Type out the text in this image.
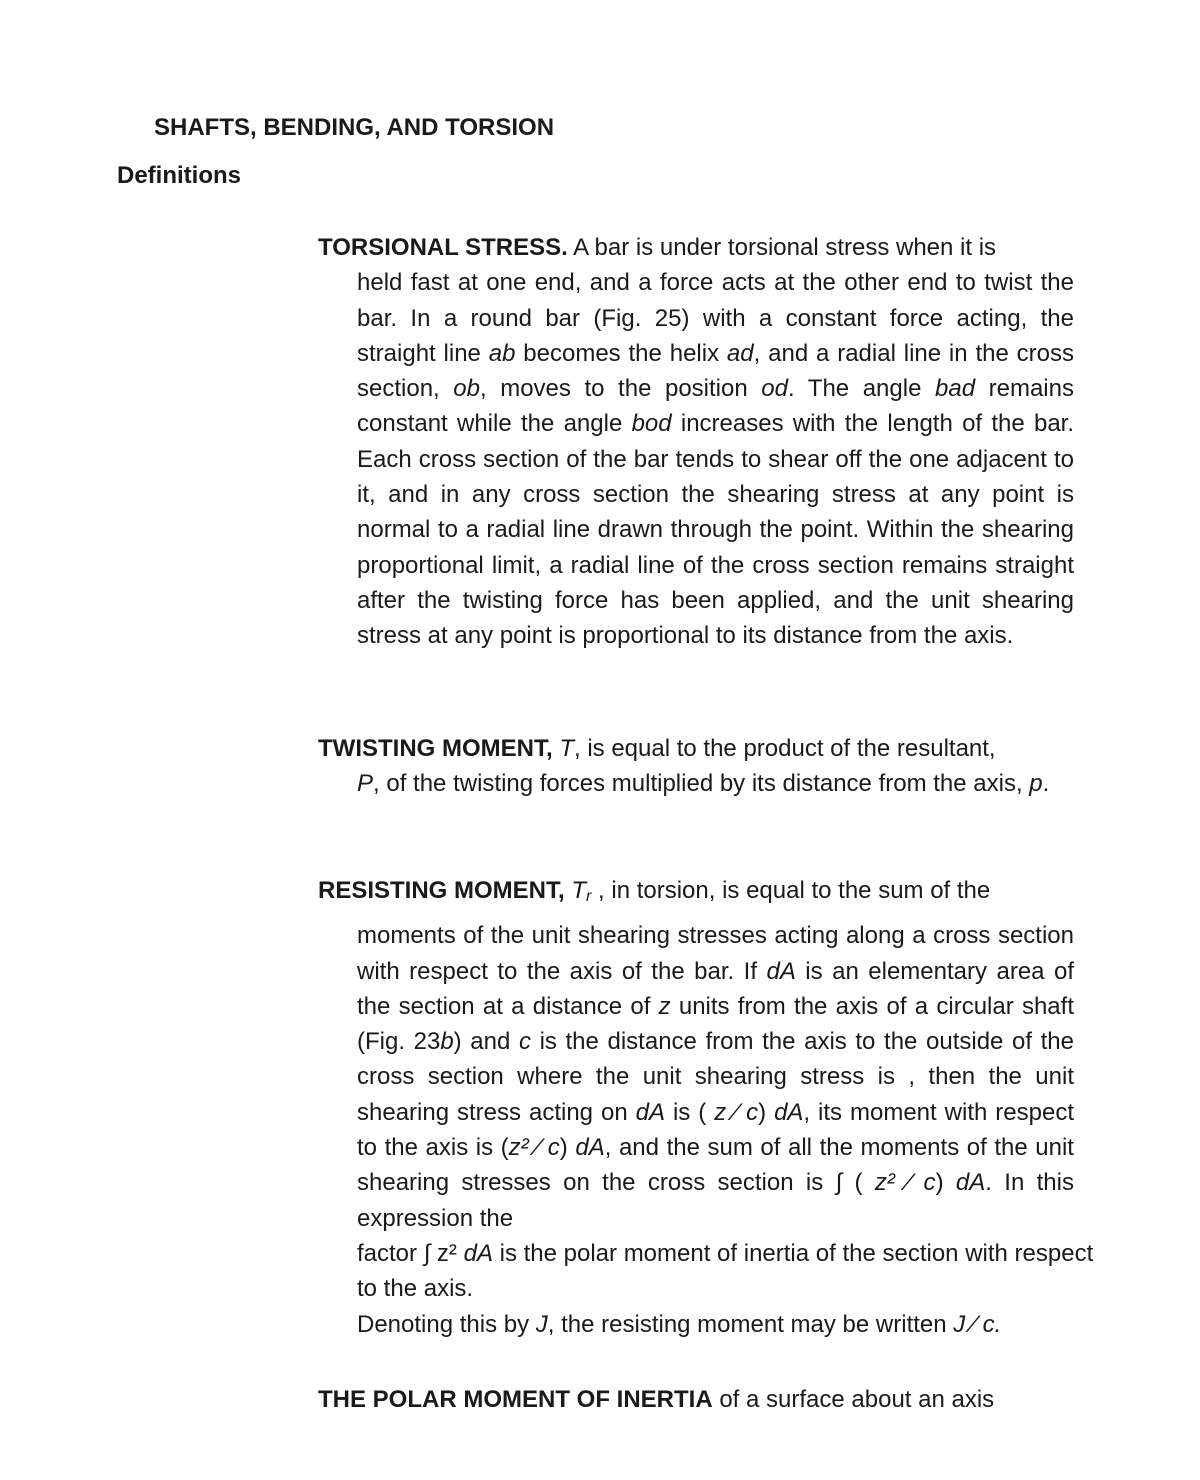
SHAFTS, BENDING, AND TORSION
Definitions
TORSIONAL STRESS. A bar is under torsional stress when it is
held fast at one end, and a force acts at the other end to twist the bar. In a round bar (Fig. 25) with a constant force acting, the straight line ab becomes the helix ad, and a radial line in the cross section, ob, moves to the position od. The angle bad remains constant while the angle bod increases with the length of the bar. Each cross section of the bar tends to shear off the one adjacent to it, and in any cross section the shearing stress at any point is normal to a radial line drawn through the point. Within the shearing proportional limit, a radial line of the cross section remains straight after the twisting force has been applied, and the unit shearing stress at any point is proportional to its distance from the axis.
TWISTING MOMENT, T, is equal to the product of the resultant,
P, of the twisting forces multiplied by its distance from the axis, p.
RESISTING MOMENT, Tr , in torsion, is equal to the sum of the
moments of the unit shearing stresses acting along a cross section with respect to the axis of the bar. If dA is an elementary area of the section at a distance of z units from the axis of a circular shaft (Fig. 23b) and c is the distance from the axis to the outside of the cross section where the unit shearing stress is , then the unit shearing stress acting on dA is ( z ⁄ c) dA, its moment with respect to the axis is (z² ⁄ c) dA, and the sum of all the moments of the unit shearing stresses on the cross section is ∫ ( z² ⁄ c) dA. In this expression the
factor ∫ z² dA is the polar moment of inertia of the section with respect to the axis.
Denoting this by J, the resisting moment may be written J ⁄ c.
THE POLAR MOMENT OF INERTIA of a surface about an axis
